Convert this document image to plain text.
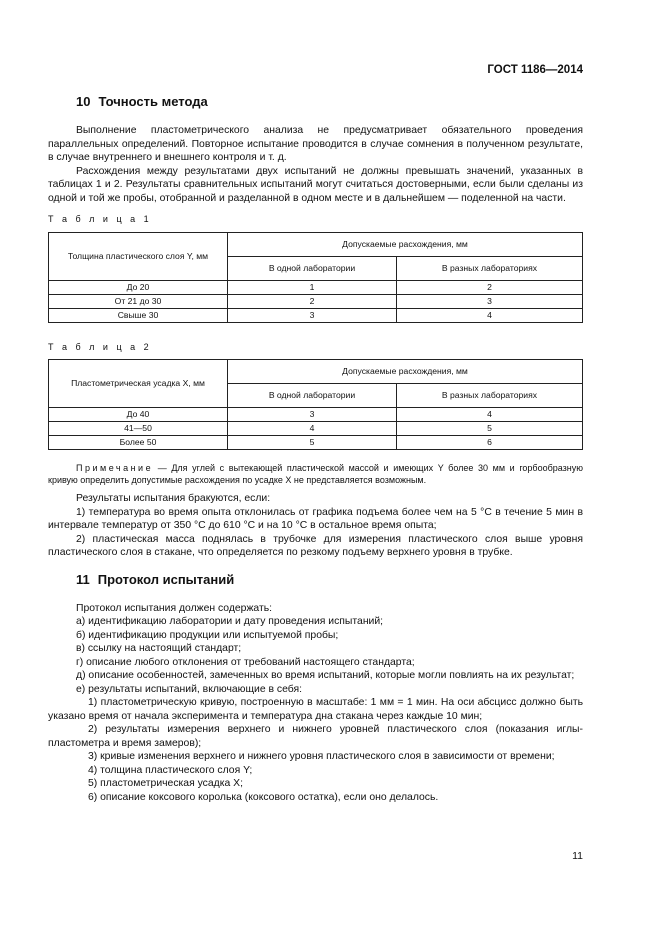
ГОСТ 1186—2014
10 Точность метода

Выполнение пластометрического анализа не предусматривает обязательного проведения параллельных определений. Повторное испытание проводится в случае сомнения в полученном результате, в случае внутреннего и внешнего контроля и т. д.

Расхождения между результатами двух испытаний не должны превышать значений, указанных в таблицах 1 и 2. Результаты сравнительных испытаний могут считаться достоверными, если были сделаны из одной и той же пробы, отобранной и разделанной в одном месте и в дальнейшем — поделенной на части.

Т а б л и ц а 1
Толщина пластического слоя Y, мм	Допускаемые расхождения, мм	
	В одной лаборатории	В разных лабораториях
До 20	1	2
От 21 до 30	2	3
Свыше 30	3	4
Т а б л и ц а 2
Пластометрическая усадка X, мм	Допускаемые расхождения, мм	
	В одной лаборатории	В разных лабораториях
До 40	3	4
41—50	4	5
Более 50	5	6
Примечание — Для углей с вытекающей пластической массой и имеющих Y более 30 мм и горбообразную кривую определить допустимые расхождения по усадке X не представляется возможным.

Результаты испытания бракуются, если:

1) температура во время опыта отклонилась от графика подъема более чем на 5 °С в течение 5 мин в интервале температур от 350 °С до 610 °С и на 10 °С в остальное время опыта;

2) пластическая масса поднялась в трубочке для измерения пластического слоя выше уровня пластического слоя в стакане, что определяется по резкому подъему верхнего уровня в трубке.

11 Протокол испытаний

Протокол испытания должен содержать:

а) идентификацию лаборатории и дату проведения испытаний;

б) идентификацию продукции или испытуемой пробы;

в) ссылку на настоящий стандарт;

г) описание любого отклонения от требований настоящего стандарта;

д) описание особенностей, замеченных во время испытаний, которые могли повлиять на их результат;

е) результаты испытаний, включающие в себя:

1) пластометрическую кривую, построенную в масштабе: 1 мм = 1 мин. На оси абсцисс должно быть указано время от начала эксперимента и температура дна стакана через каждые 10 мин;

2) результаты измерения верхнего и нижнего уровней пластического слоя (показания иглы-пластометра и время замеров);

3) кривые изменения верхнего и нижнего уровня пластического слоя в зависимости от времени;

4) толщина пластического слоя Y;

5) пластометрическая усадка X;

6) описание коксового королька (коксового остатка), если оно делалось.

11
